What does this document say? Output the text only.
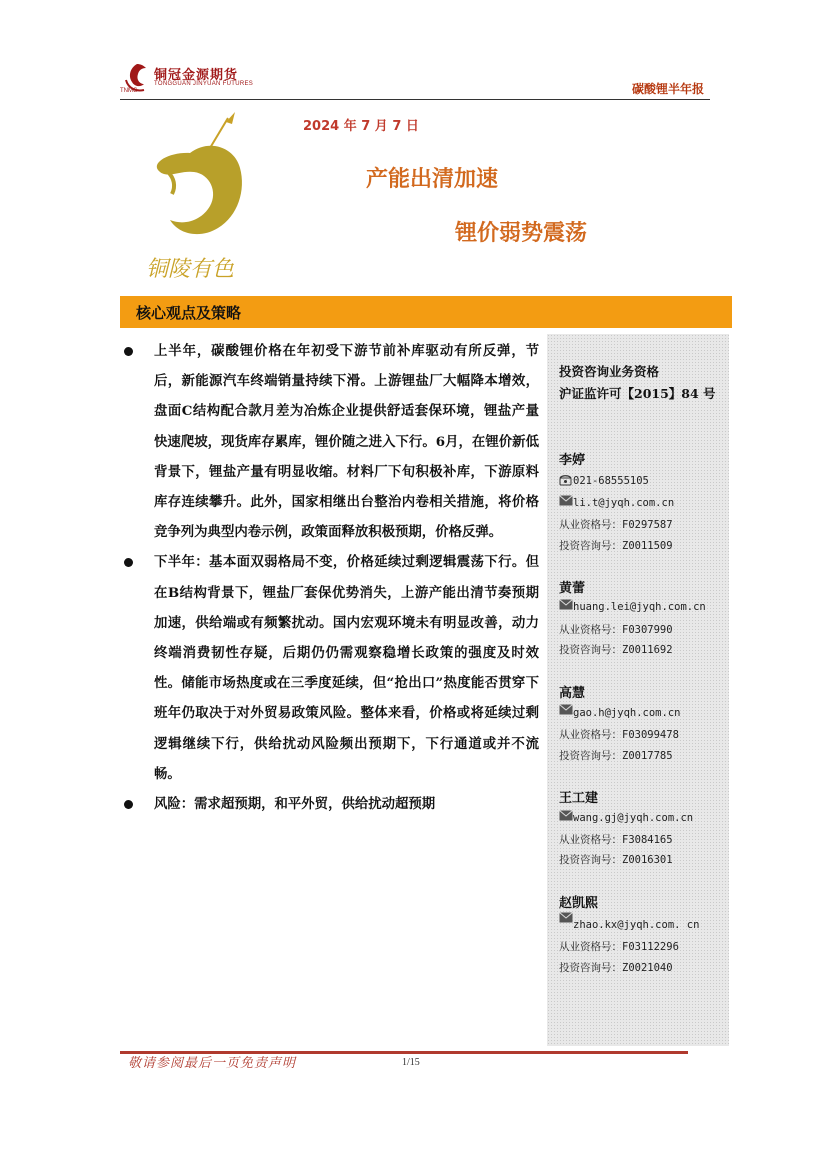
铜冠金源期货
TONGGUAN JINYUAN FUTURES
TNMG	碳酸锂半年报
铜陵有色
2024 年 7 月 7 日
产能出清加速
锂价弱势震荡
核心观点及策略
上半年，碳酸锂价格在年初受下游节前补库驱动有所反弹，节后，新能源汽车终端销量持续下滑。上游锂盐厂大幅降本增效，盘面C结构配合款月差为冶炼企业提供舒适套保环境，锂盐产量快速爬坡，现货库存累库，锂价随之进入下行。6月，在锂价新低背景下，锂盐产量有明显收缩。材料厂下旬积极补库，下游原料库存连续攀升。此外，国家相继出台整治内卷相关措施，将价格竞争列为典型内卷示例，政策面释放积极预期，价格反弹。
下半年：基本面双弱格局不变，价格延续过剩逻辑震荡下行。但在B结构背景下，锂盐厂套保优势消失，上游产能出清节奏预期加速，供给端或有频繁扰动。国内宏观环境未有明显改善，动力终端消费韧性存疑，后期仍仍需观察稳增长政策的强度及时效性。储能市场热度或在三季度延续，但“抢出口”热度能否贯穿下班年仍取决于对外贸易政策风险。整体来看，价格或将延续过剩逻辑继续下行，供给扰动风险频出预期下，下行通道或并不流畅。
风险：需求超预期，和平外贸，供给扰动超预期
投资咨询业务资格
沪证监许可【2015】84 号
李婷
021-68555105
li.t@jyqh.com.cn
从业资格号：F0297587
投资咨询号：Z0011509
黄蕾
huang.lei@jyqh.com.cn
从业资格号：F0307990
投资咨询号：Z0011692
高慧
gao.h@jyqh.com.cn
从业资格号：F03099478
投资咨询号：Z0017785
王工建
wang.gj@jyqh.com.cn
从业资格号：F3084165
投资咨询号：Z0016301
赵凯熙
zhao.kx@jyqh.com. cn
从业资格号：F03112296
投资咨询号：Z0021040
敬请参阅最后一页免责声明	1/15
